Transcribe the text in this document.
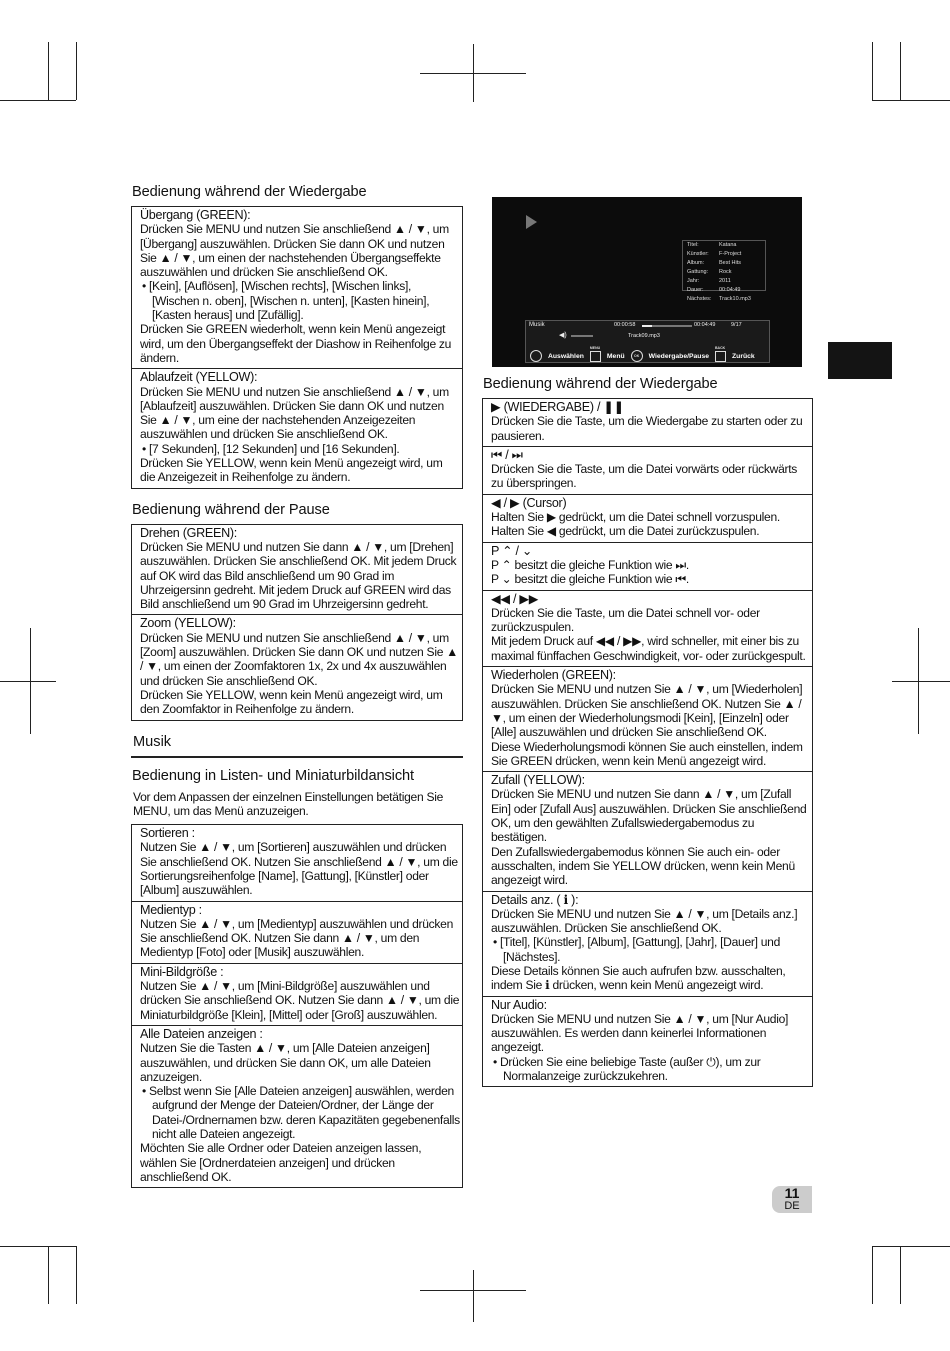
Bedienung während der Wiedergabe
Übergang (GREEN):
Drücken Sie MENU und nutzen Sie anschließend ▲ / ▼, um [Übergang] auszuwählen. Drücken Sie dann OK und nutzen Sie ▲ / ▼, um einen der nachstehenden Übergangseffekte auszuwählen und drücken Sie anschließend OK.
• [Kein], [Auflösen], [Wischen rechts], [Wischen links], [Wischen n. oben], [Wischen n. unten], [Kasten hinein], [Kasten heraus] und [Zufällig].
Drücken Sie GREEN wiederholt, wenn kein Menü angezeigt wird, um den Übergangseffekt der Diashow in Reihenfolge zu ändern.
Ablaufzeit (YELLOW):
Drücken Sie MENU und nutzen Sie anschließend ▲ / ▼, um [Ablaufzeit] auszuwählen. Drücken Sie dann OK und nutzen Sie ▲ / ▼, um eine der nachstehenden Anzeigezeiten auszuwählen und drücken Sie anschließend OK.
• [7 Sekunden], [12 Sekunden] und [16 Sekunden].
Drücken Sie YELLOW, wenn kein Menü angezeigt wird, um die Anzeigezeit in Reihenfolge zu ändern.
Bedienung während der Pause
Drehen (GREEN):
Drücken Sie MENU und nutzen Sie dann ▲ / ▼, um [Drehen] auszuwählen. Drücken Sie anschließend OK. Mit jedem Druck auf OK wird das Bild anschließend um 90 Grad im Uhrzeigersinn gedreht. Mit jedem Druck auf GREEN wird das Bild anschließend um 90 Grad im Uhrzeigersinn gedreht.
Zoom (YELLOW):
Drücken Sie MENU und nutzen Sie anschließend ▲ / ▼, um [Zoom] auszuwählen. Drücken Sie dann OK und nutzen Sie ▲ / ▼, um einen der Zoomfaktoren 1x, 2x und 4x auszuwählen und drücken Sie anschließend OK.
Drücken Sie YELLOW, wenn kein Menü angezeigt wird, um den Zoomfaktor in Reihenfolge zu ändern.
Musik
Bedienung in Listen- und Miniaturbildansicht
Vor dem Anpassen der einzelnen Einstellungen betätigen Sie MENU, um das Menü anzuzeigen.
Sortieren :
Nutzen Sie ▲ / ▼, um [Sortieren] auszuwählen und drücken Sie anschließend OK. Nutzen Sie anschließend ▲ / ▼, um die Sortierungsreihenfolge [Name], [Gattung], [Künstler] oder [Album] auszuwählen.
Medientyp :
Nutzen Sie ▲ / ▼, um [Medientyp] auszuwählen und drücken Sie anschließend OK. Nutzen Sie dann ▲ / ▼, um den Medientyp [Foto] oder [Musik] auszuwählen.
Mini-Bildgröße :
Nutzen Sie ▲ / ▼, um [Mini-Bildgröße] auszuwählen und drücken Sie anschließend OK. Nutzen Sie dann ▲ / ▼, um die Miniaturbildgröße [Klein], [Mittel] oder [Groß] auszuwählen.
Alle Dateien anzeigen :
Nutzen Sie die Tasten ▲ / ▼, um [Alle Dateien anzeigen] auszuwählen, und drücken Sie dann OK, um alle Dateien anzuzeigen.
• Selbst wenn Sie [Alle Dateien anzeigen] auswählen, werden aufgrund der Menge der Dateien/Ordner, der Länge der Datei-/Ordnernamen bzw. deren Kapazitäten gegebenenfalls nicht alle Dateien angezeigt.
Möchten Sie alle Ordner oder Dateien anzeigen lassen, wählen Sie [Ordnerdateien anzeigen] und drücken anschließend OK.
Titel:	Katana
Künstler:	F-Project
Album:	Best Hits
Gattung:	Rock
Jahr:	2011
Dauer:	00:04:49
Nächstes:	Track10.mp3
Musik	00:00:58	00:04:49	9/17
◀)	Track09.mp3
Auswählen
MENU
Menü	OK	Wiedergabe/Pause
BACK
Zurück
Bedienung während der Wiedergabe
▶ (WIEDERGABE) / ❚❚
Drücken Sie die Taste, um die Wiedergabe zu starten oder zu pausieren.
⏮ / ⏭
Drücken Sie die Taste, um die Datei vorwärts oder rückwärts zu überspringen.
◀ / ▶ (Cursor)
Halten Sie ▶ gedrückt, um die Datei schnell vorzuspulen. Halten Sie ◀ gedrückt, um die Datei zurückzuspulen.
P ⌃ / ⌄
P ⌃ besitzt die gleiche Funktion wie ⏭.
P ⌄ besitzt die gleiche Funktion wie ⏮.
◀◀ / ▶▶
Drücken Sie die Taste, um die Datei schnell vor- oder zurückzuspulen.
Mit jedem Druck auf ◀◀ / ▶▶, wird schneller, mit einer bis zu maximal fünffachen Geschwindigkeit, vor- oder zurückgespult.
Wiederholen (GREEN):
Drücken Sie MENU und nutzen Sie ▲ / ▼, um [Wiederholen] auszuwählen. Drücken Sie anschließend OK. Nutzen Sie ▲ / ▼, um einen der Wiederholungsmodi [Kein], [Einzeln] oder [Alle] auszuwählen und drücken Sie anschließend OK.
Diese Wiederholungsmodi können Sie auch einstellen, indem Sie GREEN drücken, wenn kein Menü angezeigt wird.
Zufall (YELLOW):
Drücken Sie MENU und nutzen Sie dann ▲ / ▼, um [Zufall Ein] oder [Zufall Aus] auszuwählen. Drücken Sie anschließend OK, um den gewählten Zufallswiedergabemodus zu bestätigen.
Den Zufallswiedergabemodus können Sie auch ein- oder ausschalten, indem Sie YELLOW drücken, wenn kein Menü angezeigt wird.
Details anz. ( ℹ ):
Drücken Sie MENU und nutzen Sie ▲ / ▼, um [Details anz.] auszuwählen. Drücken Sie anschließend OK.
• [Titel], [Künstler], [Album], [Gattung], [Jahr], [Dauer] und [Nächstes].
Diese Details können Sie auch aufrufen bzw. ausschalten, indem Sie ℹ drücken, wenn kein Menü angezeigt wird.
Nur Audio:
Drücken Sie MENU und nutzen Sie ▲ / ▼, um [Nur Audio] auszuwählen. Es werden dann keinerlei Informationen angezeigt.
• Drücken Sie eine beliebige Taste (außer ⏻), um zur Normalanzeige zurückzukehren.
11
DE
